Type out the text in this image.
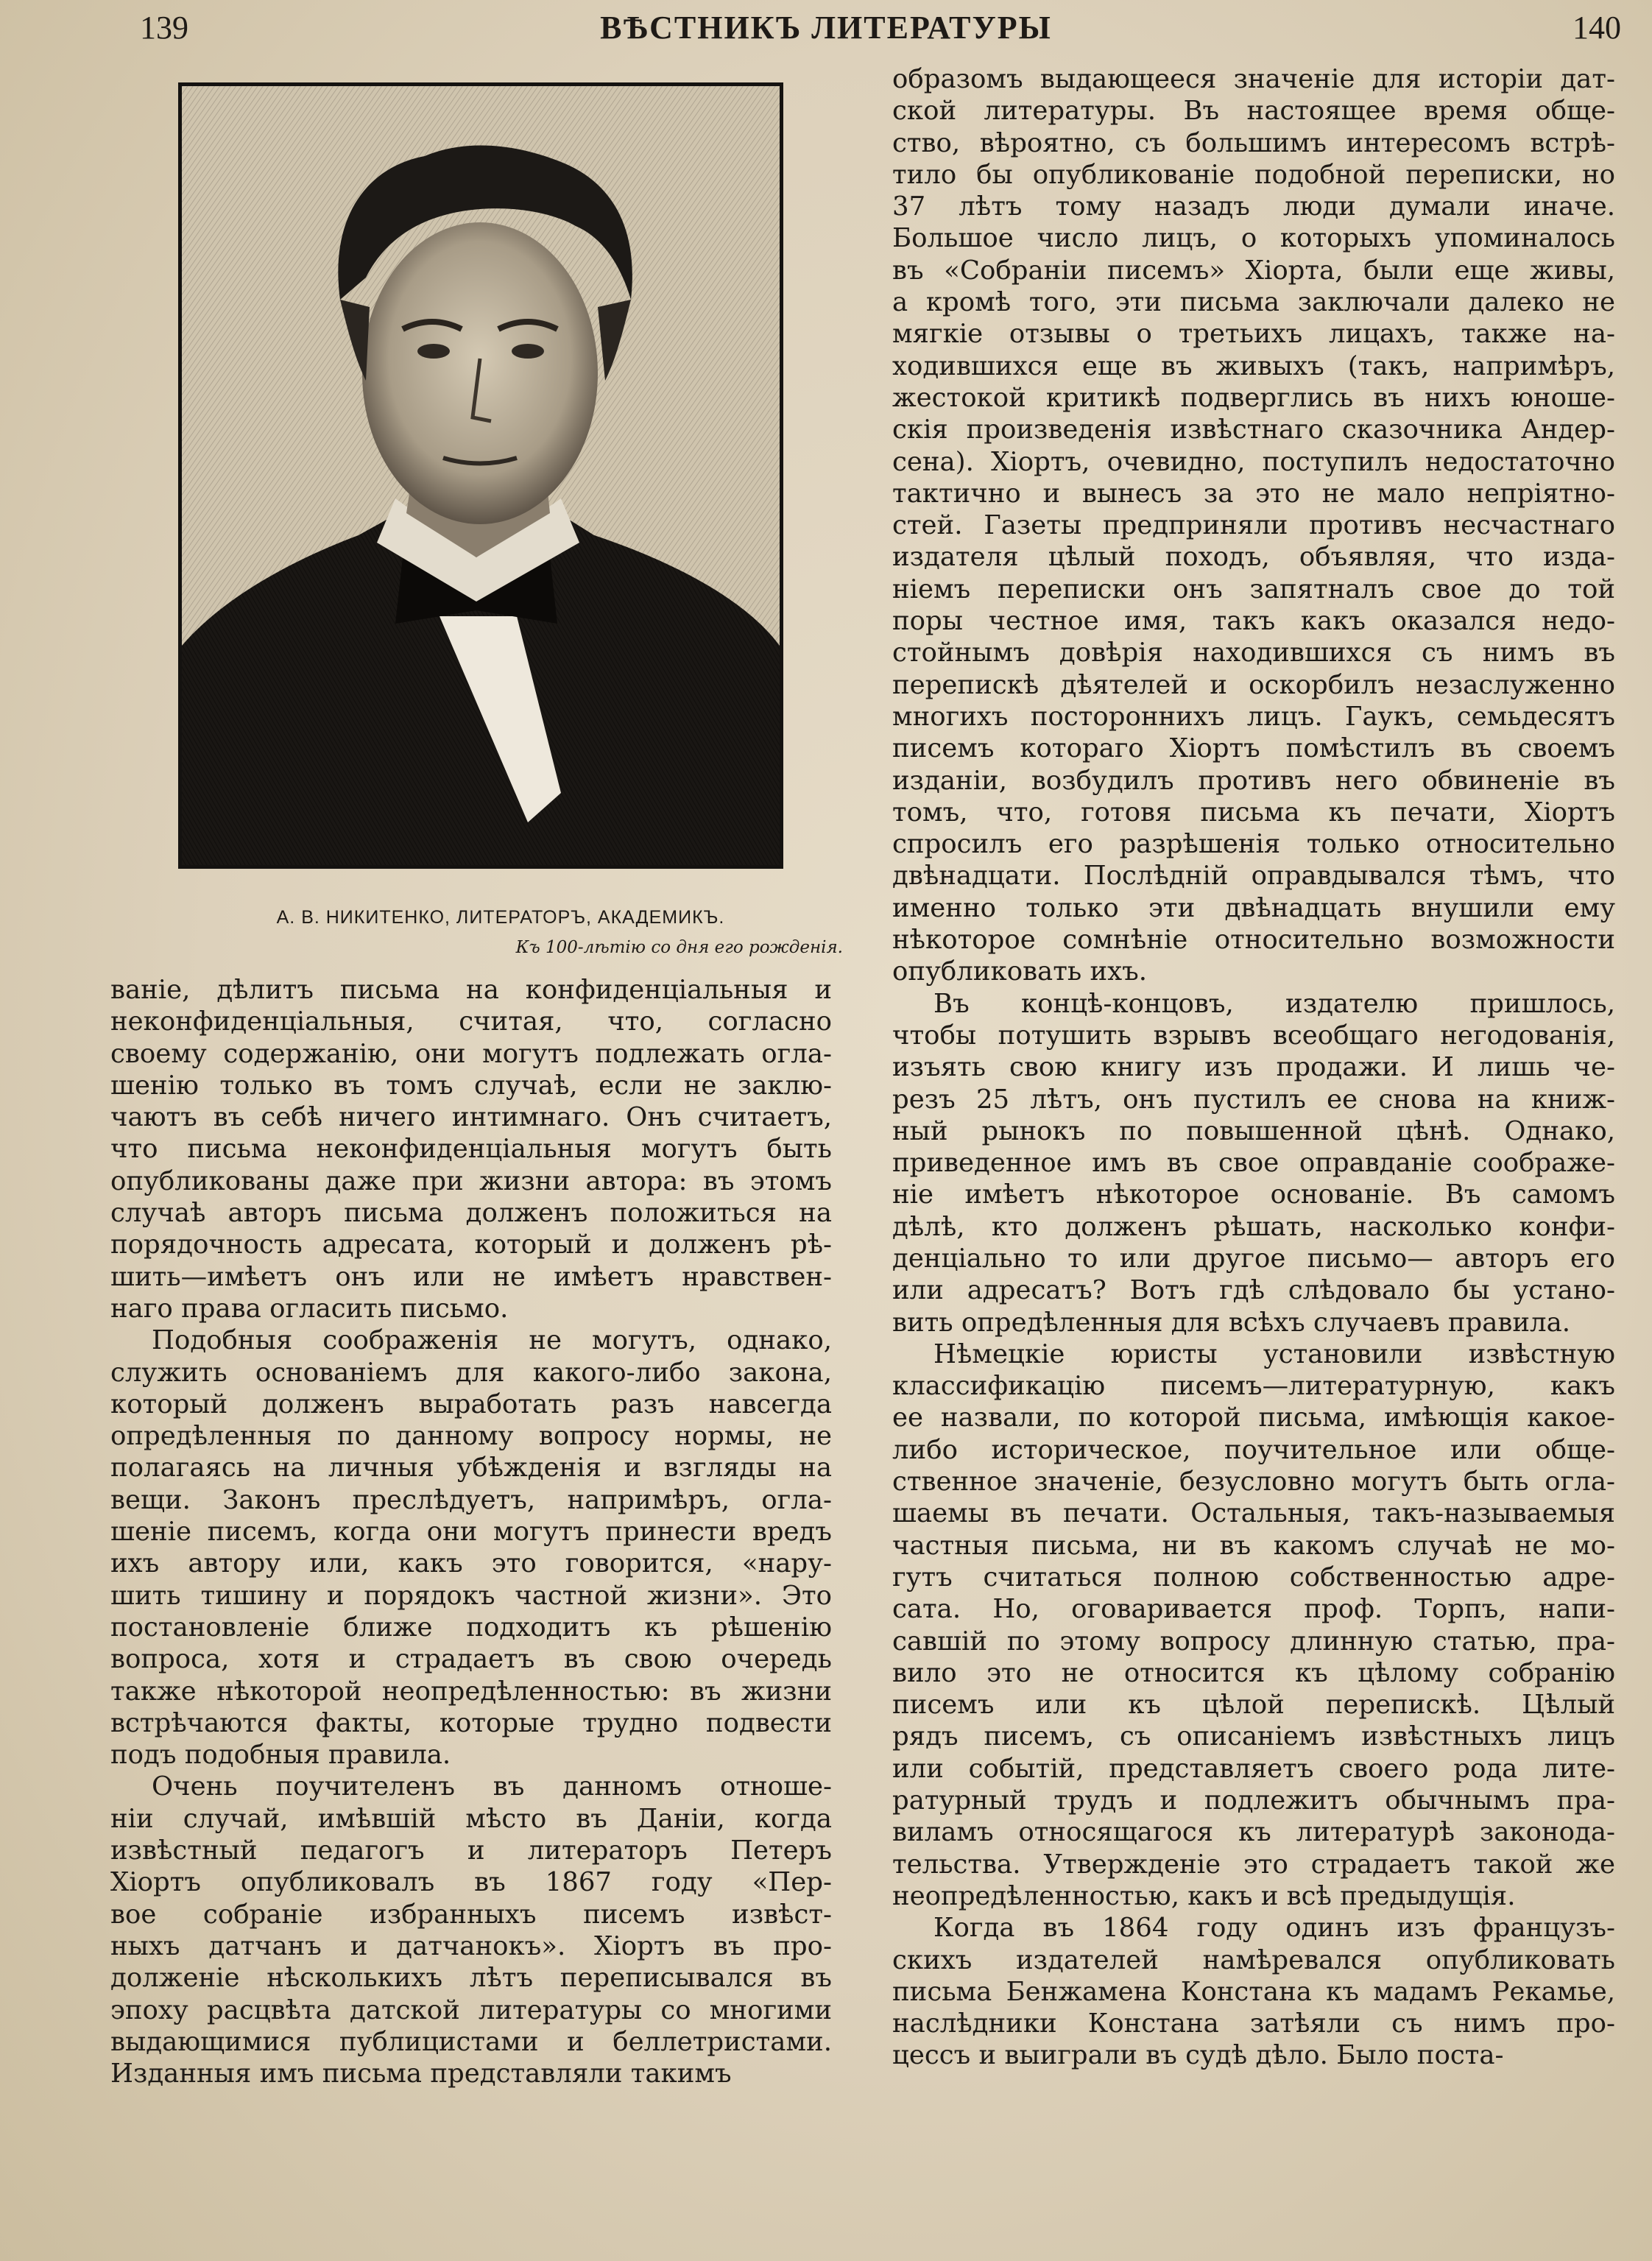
139	ВѢСТНИКЪ ЛИТЕРАТУРЫ	140
А. В. НИКИТЕНКО, ЛИТЕРАТОРЪ, АКАДЕМИКЪ.
Къ 100-лѣтію со дня его рожденія.

ваніе, дѣлитъ письма на конфиденціальныя и
неконфиденціальныя, считая, что, согласно
своему содержанію, они могутъ подлежать огла-
шенію только въ томъ случаѣ, если не заклю-
чаютъ въ себѣ ничего интимнаго. Онъ считаетъ,
что письма неконфиденціальныя могутъ быть
опубликованы даже при жизни автора: въ этомъ
случаѣ авторъ письма долженъ положиться на
порядочность адресата, который и долженъ рѣ-
шить—имѣетъ онъ или не имѣетъ нравствен-
наго права огласить письмо.

Подобныя соображенія не могутъ, однако,
служить основаніемъ для какого-либо закона,
который долженъ выработать разъ навсегда
опредѣленныя по данному вопросу нормы, не
полагаясь на личныя убѣжденія и взгляды на
вещи. Законъ преслѣдуетъ, напримѣръ, огла-
шеніе писемъ, когда они могутъ принести вредъ
ихъ автору или, какъ это говорится, «нару-
шить тишину и порядокъ частной жизни». Это
постановленіе ближе подходитъ къ рѣшенію
вопроса, хотя и страдаетъ въ свою очередь
также нѣкоторой неопредѣленностью: въ жизни
встрѣчаются факты, которые трудно подвести
подъ подобныя правила.

Очень поучителенъ въ данномъ отноше-
ніи случай, имѣвшій мѣсто въ Даніи, когда
извѣстный педагогъ и литераторъ Петеръ
Хіортъ опубликовалъ въ 1867 году «Пер-
вое собраніе избранныхъ писемъ извѣст-
ныхъ датчанъ и датчанокъ». Хіортъ въ про-
долженіе нѣсколькихъ лѣтъ переписывался въ
эпоху расцвѣта датской литературы со многими
выдающимися публицистами и беллетристами.
Изданныя имъ письма представляли такимъ

образомъ выдающееся значеніе для исторіи дат-
ской литературы. Въ настоящее время обще-
ство, вѣроятно, съ большимъ интересомъ встрѣ-
тило бы опубликованіе подобной переписки, но
37 лѣтъ тому назадъ люди думали иначе.
Большое число лицъ, о которыхъ упоминалось
въ «Собраніи писемъ» Хіорта, были еще живы,
а кромѣ того, эти письма заключали далеко не
мягкіе отзывы о третьихъ лицахъ, также на-
ходившихся еще въ живыхъ (такъ, напримѣръ,
жестокой критикѣ подверглись въ нихъ юноше-
скія произведенія извѣстнаго сказочника Андер-
сена). Хіортъ, очевидно, поступилъ недостаточно
тактично и вынесъ за это не мало непріятно-
стей. Газеты предприняли противъ несчастнаго
издателя цѣлый походъ, объявляя, что изда-
ніемъ переписки онъ запятналъ свое до той
поры честное имя, такъ какъ оказался недо-
стойнымъ довѣрія находившихся съ нимъ въ
перепискѣ дѣятелей и оскорбилъ незаслуженно
многихъ постороннихъ лицъ. Гаукъ, семьдесятъ
писемъ котораго Хіортъ помѣстилъ въ своемъ
изданіи, возбудилъ противъ него обвиненіе въ
томъ, что, готовя письма къ печати, Хіортъ
спросилъ его разрѣшенія только относительно
двѣнадцати. Послѣдній оправдывался тѣмъ, что
именно только эти двѣнадцать внушили ему
нѣкоторое сомнѣніе относительно возможности
опубликовать ихъ.

Въ концѣ-концовъ, издателю пришлось,
чтобы потушить взрывъ всеобщаго негодованія,
изъять свою книгу изъ продажи. И лишь че-
резъ 25 лѣтъ, онъ пустилъ ее снова на книж-
ный рынокъ по повышенной цѣнѣ. Однако,
приведенное имъ въ свое оправданіе соображе-
ніе имѣетъ нѣкоторое основаніе. Въ самомъ
дѣлѣ, кто долженъ рѣшать, насколько конфи-
денціально то или другое письмо— авторъ его
или адресатъ? Вотъ гдѣ слѣдовало бы устано-
вить опредѣленныя для всѣхъ случаевъ правила.

Нѣмецкіе юристы установили извѣстную
классификацію писемъ—литературную, какъ
ее назвали, по которой письма, имѣющія какое-
либо историческое, поучительное или обще-
ственное значеніе, безусловно могутъ быть огла-
шаемы въ печати. Остальныя, такъ-называемыя
частныя письма, ни въ какомъ случаѣ не мо-
гутъ считаться полною собственностью адре-
сата. Но, оговаривается проф. Торпъ, напи-
савшій по этому вопросу длинную статью, пра-
вило это не относится къ цѣлому собранію
писемъ или къ цѣлой перепискѣ. Цѣлый
рядъ писемъ, съ описаніемъ извѣстныхъ лицъ
или событій, представляетъ своего рода лите-
ратурный трудъ и подлежитъ обычнымъ пра-
виламъ относящагося къ литературѣ законода-
тельства. Утвержденіе это страдаетъ такой же
неопредѣленностью, какъ и всѣ предыдущія.

Когда въ 1864 году одинъ изъ французъ-
скихъ издателей намѣревался опубликовать
письма Бенжамена Констана къ мадамъ Рекамье,
наслѣдники Констана затѣяли съ нимъ про-
цессъ и выиграли въ судѣ дѣло. Было поста-
